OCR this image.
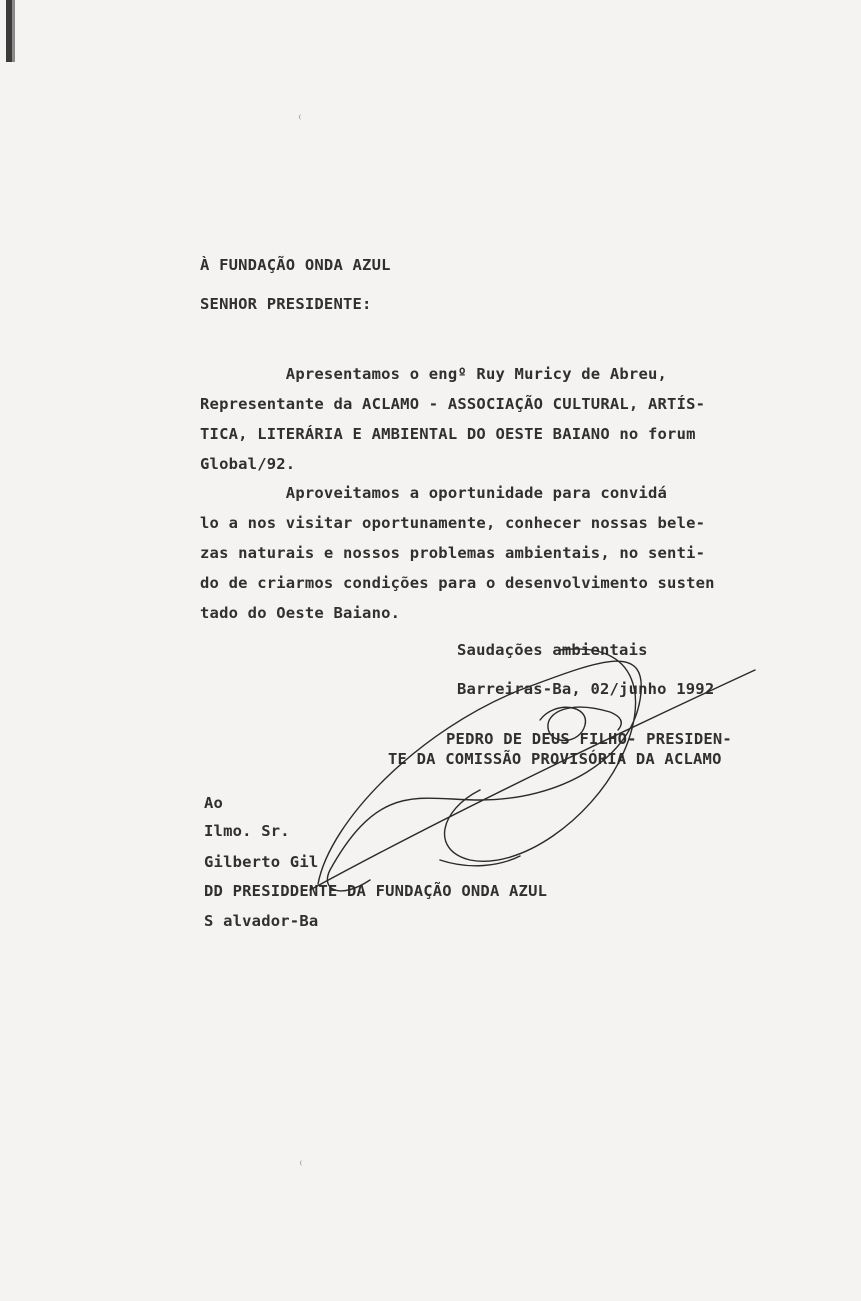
⁽
⁽
À FUNDAÇÃO ONDA AZUL
SENHOR PRESIDENTE:
Apresentamos o engº Ruy Muricy de Abreu,
Representante da ACLAMO - ASSOCIAÇÃO CULTURAL, ARTÍS-
TICA, LITERÁRIA E AMBIENTAL DO OESTE BAIANO no forum
Global/92.
Aproveitamos a oportunidade para convidá
lo a nos visitar oportunamente, conhecer nossas bele-
zas naturais e nossos problemas ambientais, no senti-
do de criarmos condições para o desenvolvimento susten
tado do Oeste Baiano.
Saudações ambientais
Barreiras-Ba, 02/junho 1992
PEDRO DE DEUS FILHO- PRESIDEN-
TE DA COMISSÃO PROVISÓRIA DA ACLAMO
Ao
Ilmo. Sr.
Gilberto Gil
DD PRESIDDENTE DA FUNDAÇÃO ONDA AZUL
S alvador-Ba
